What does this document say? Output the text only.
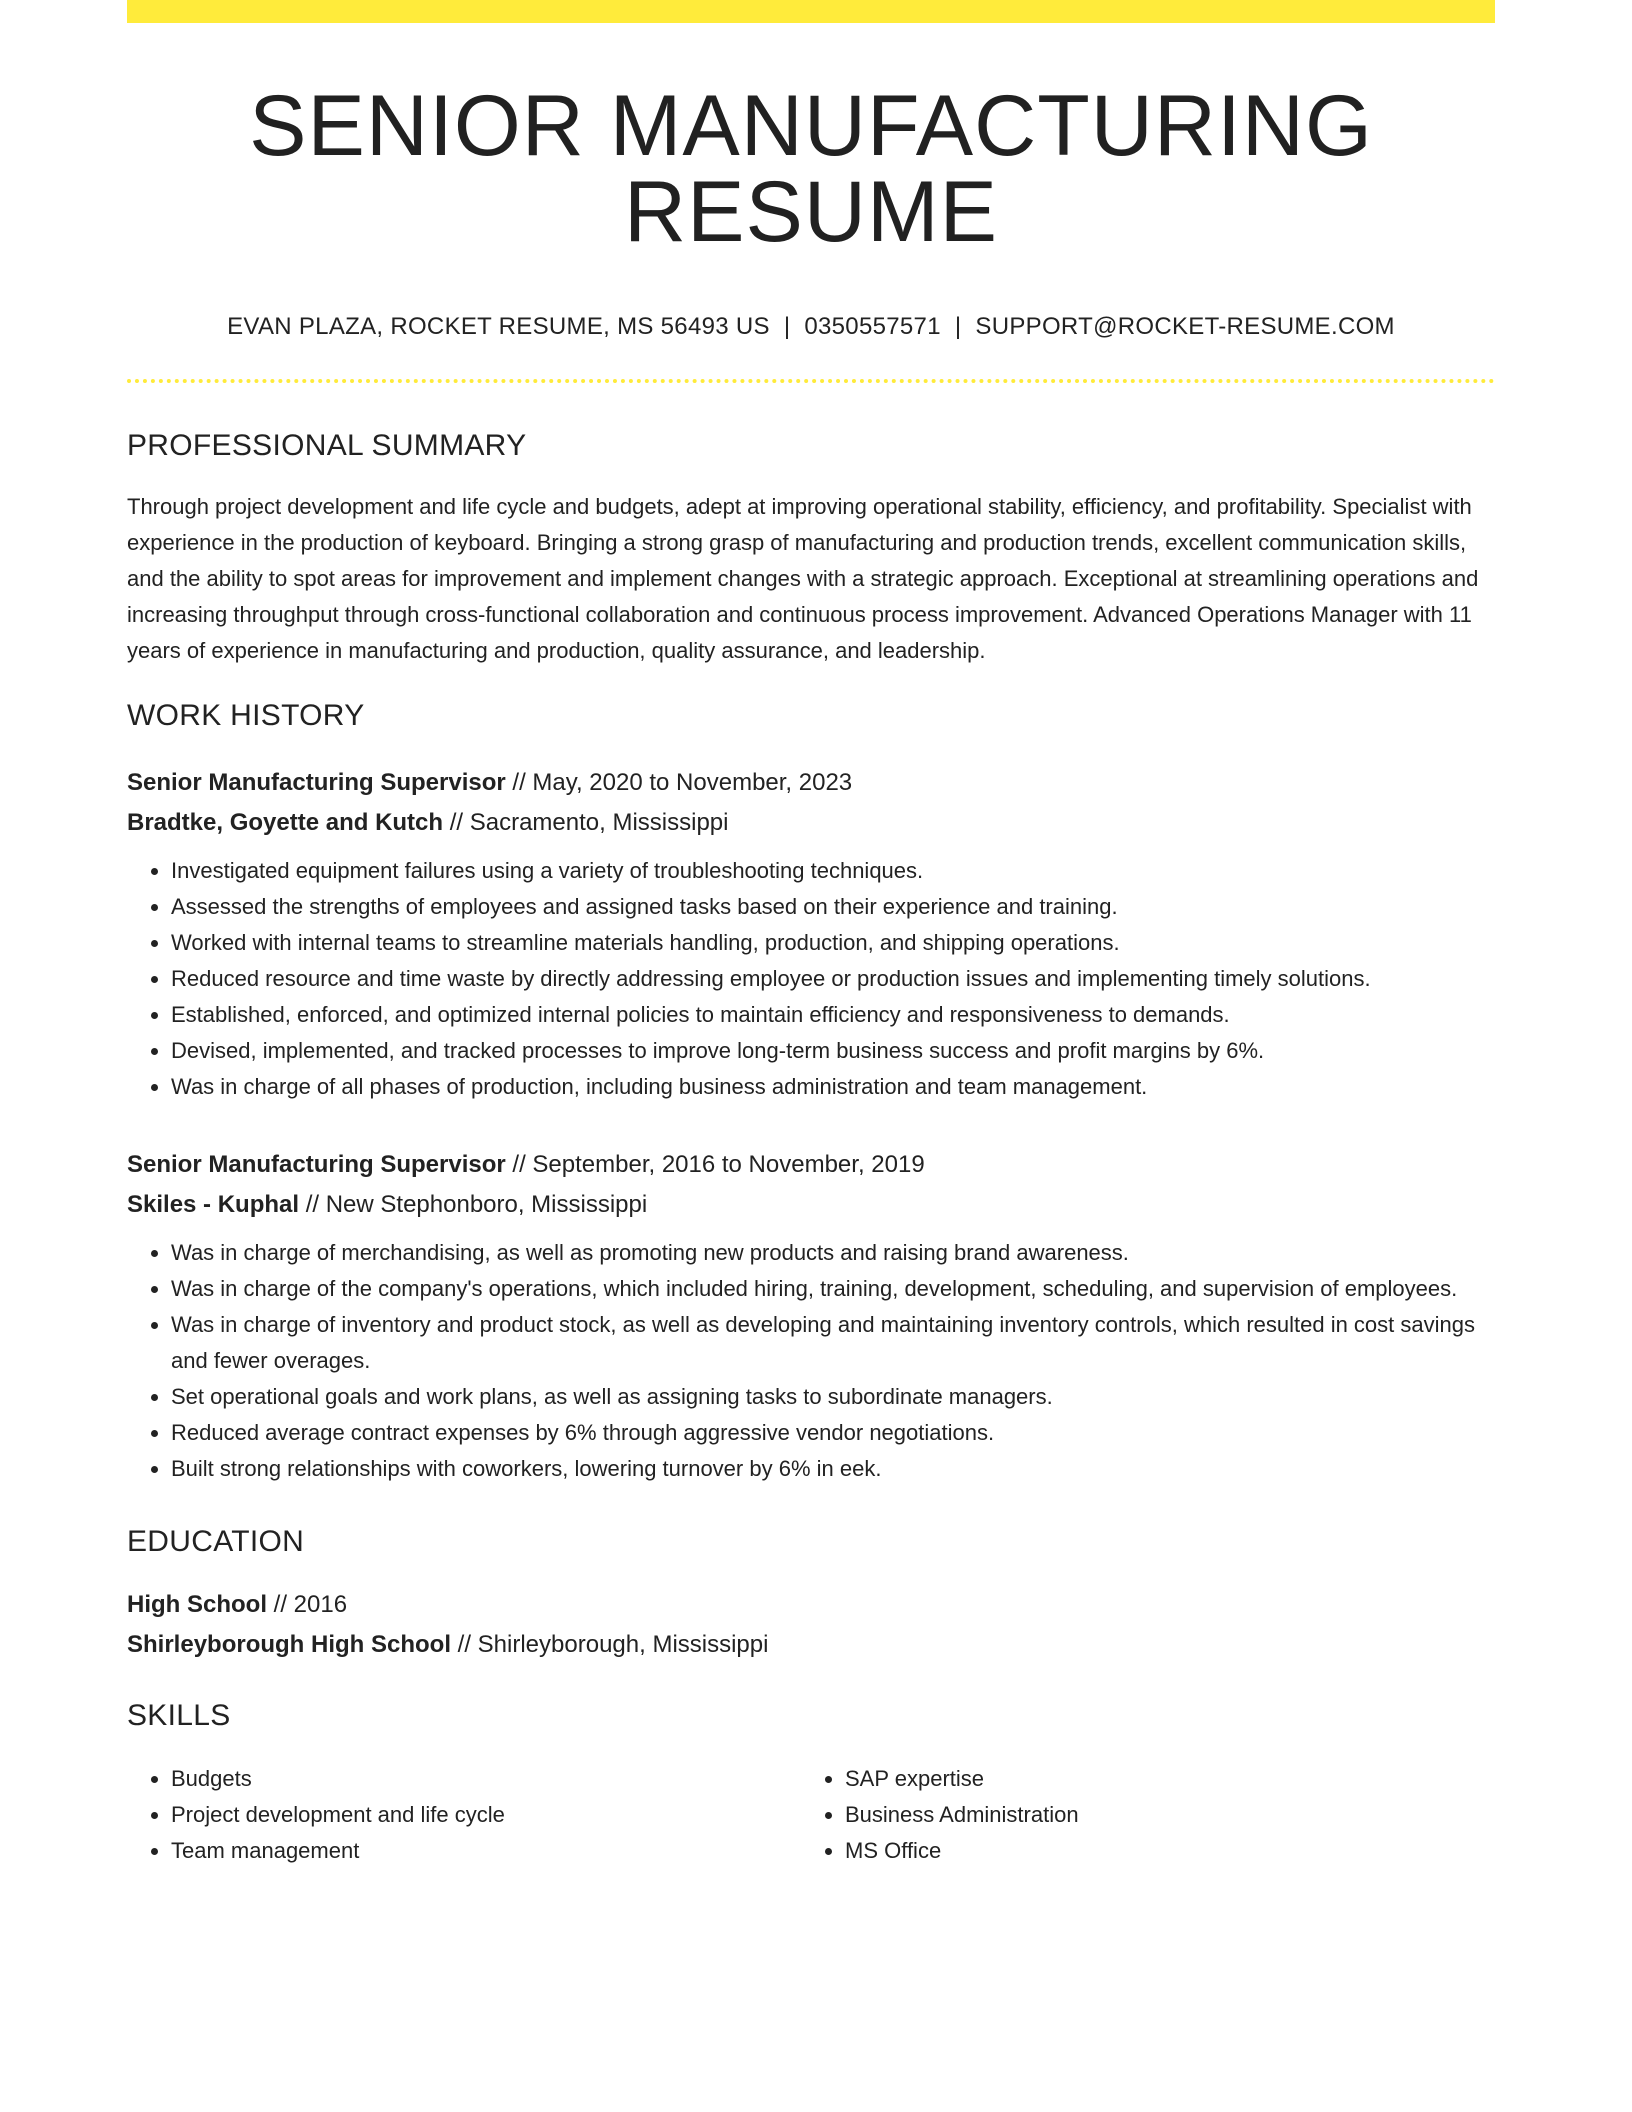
SENIOR MANUFACTURING RESUME
EVAN PLAZA, ROCKET RESUME, MS 56493 US | 0350557571 | SUPPORT@ROCKET-RESUME.COM
PROFESSIONAL SUMMARY
Through project development and life cycle and budgets, adept at improving operational stability, efficiency, and profitability. Specialist with experience in the production of keyboard. Bringing a strong grasp of manufacturing and production trends, excellent communication skills, and the ability to spot areas for improvement and implement changes with a strategic approach. Exceptional at streamlining operations and increasing throughput through cross-functional collaboration and continuous process improvement. Advanced Operations Manager with 11 years of experience in manufacturing and production, quality assurance, and leadership.
WORK HISTORY
Senior Manufacturing Supervisor // May, 2020 to November, 2023
Bradtke, Goyette and Kutch // Sacramento, Mississippi
• Investigated equipment failures using a variety of troubleshooting techniques.
• Assessed the strengths of employees and assigned tasks based on their experience and training.
• Worked with internal teams to streamline materials handling, production, and shipping operations.
• Reduced resource and time waste by directly addressing employee or production issues and implementing timely solutions.
• Established, enforced, and optimized internal policies to maintain efficiency and responsiveness to demands.
• Devised, implemented, and tracked processes to improve long-term business success and profit margins by 6%.
• Was in charge of all phases of production, including business administration and team management.
Senior Manufacturing Supervisor // September, 2016 to November, 2019
Skiles - Kuphal // New Stephonboro, Mississippi
• Was in charge of merchandising, as well as promoting new products and raising brand awareness.
• Was in charge of the company's operations, which included hiring, training, development, scheduling, and supervision of employees.
• Was in charge of inventory and product stock, as well as developing and maintaining inventory controls, which resulted in cost savings and fewer overages.
• Set operational goals and work plans, as well as assigning tasks to subordinate managers.
• Reduced average contract expenses by 6% through aggressive vendor negotiations.
• Built strong relationships with coworkers, lowering turnover by 6% in eek.
EDUCATION
High School // 2016
Shirleyborough High School // Shirleyborough, Mississippi
SKILLS
• Budgets
• Project development and life cycle
• Team management
• SAP expertise
• Business Administration
• MS Office
